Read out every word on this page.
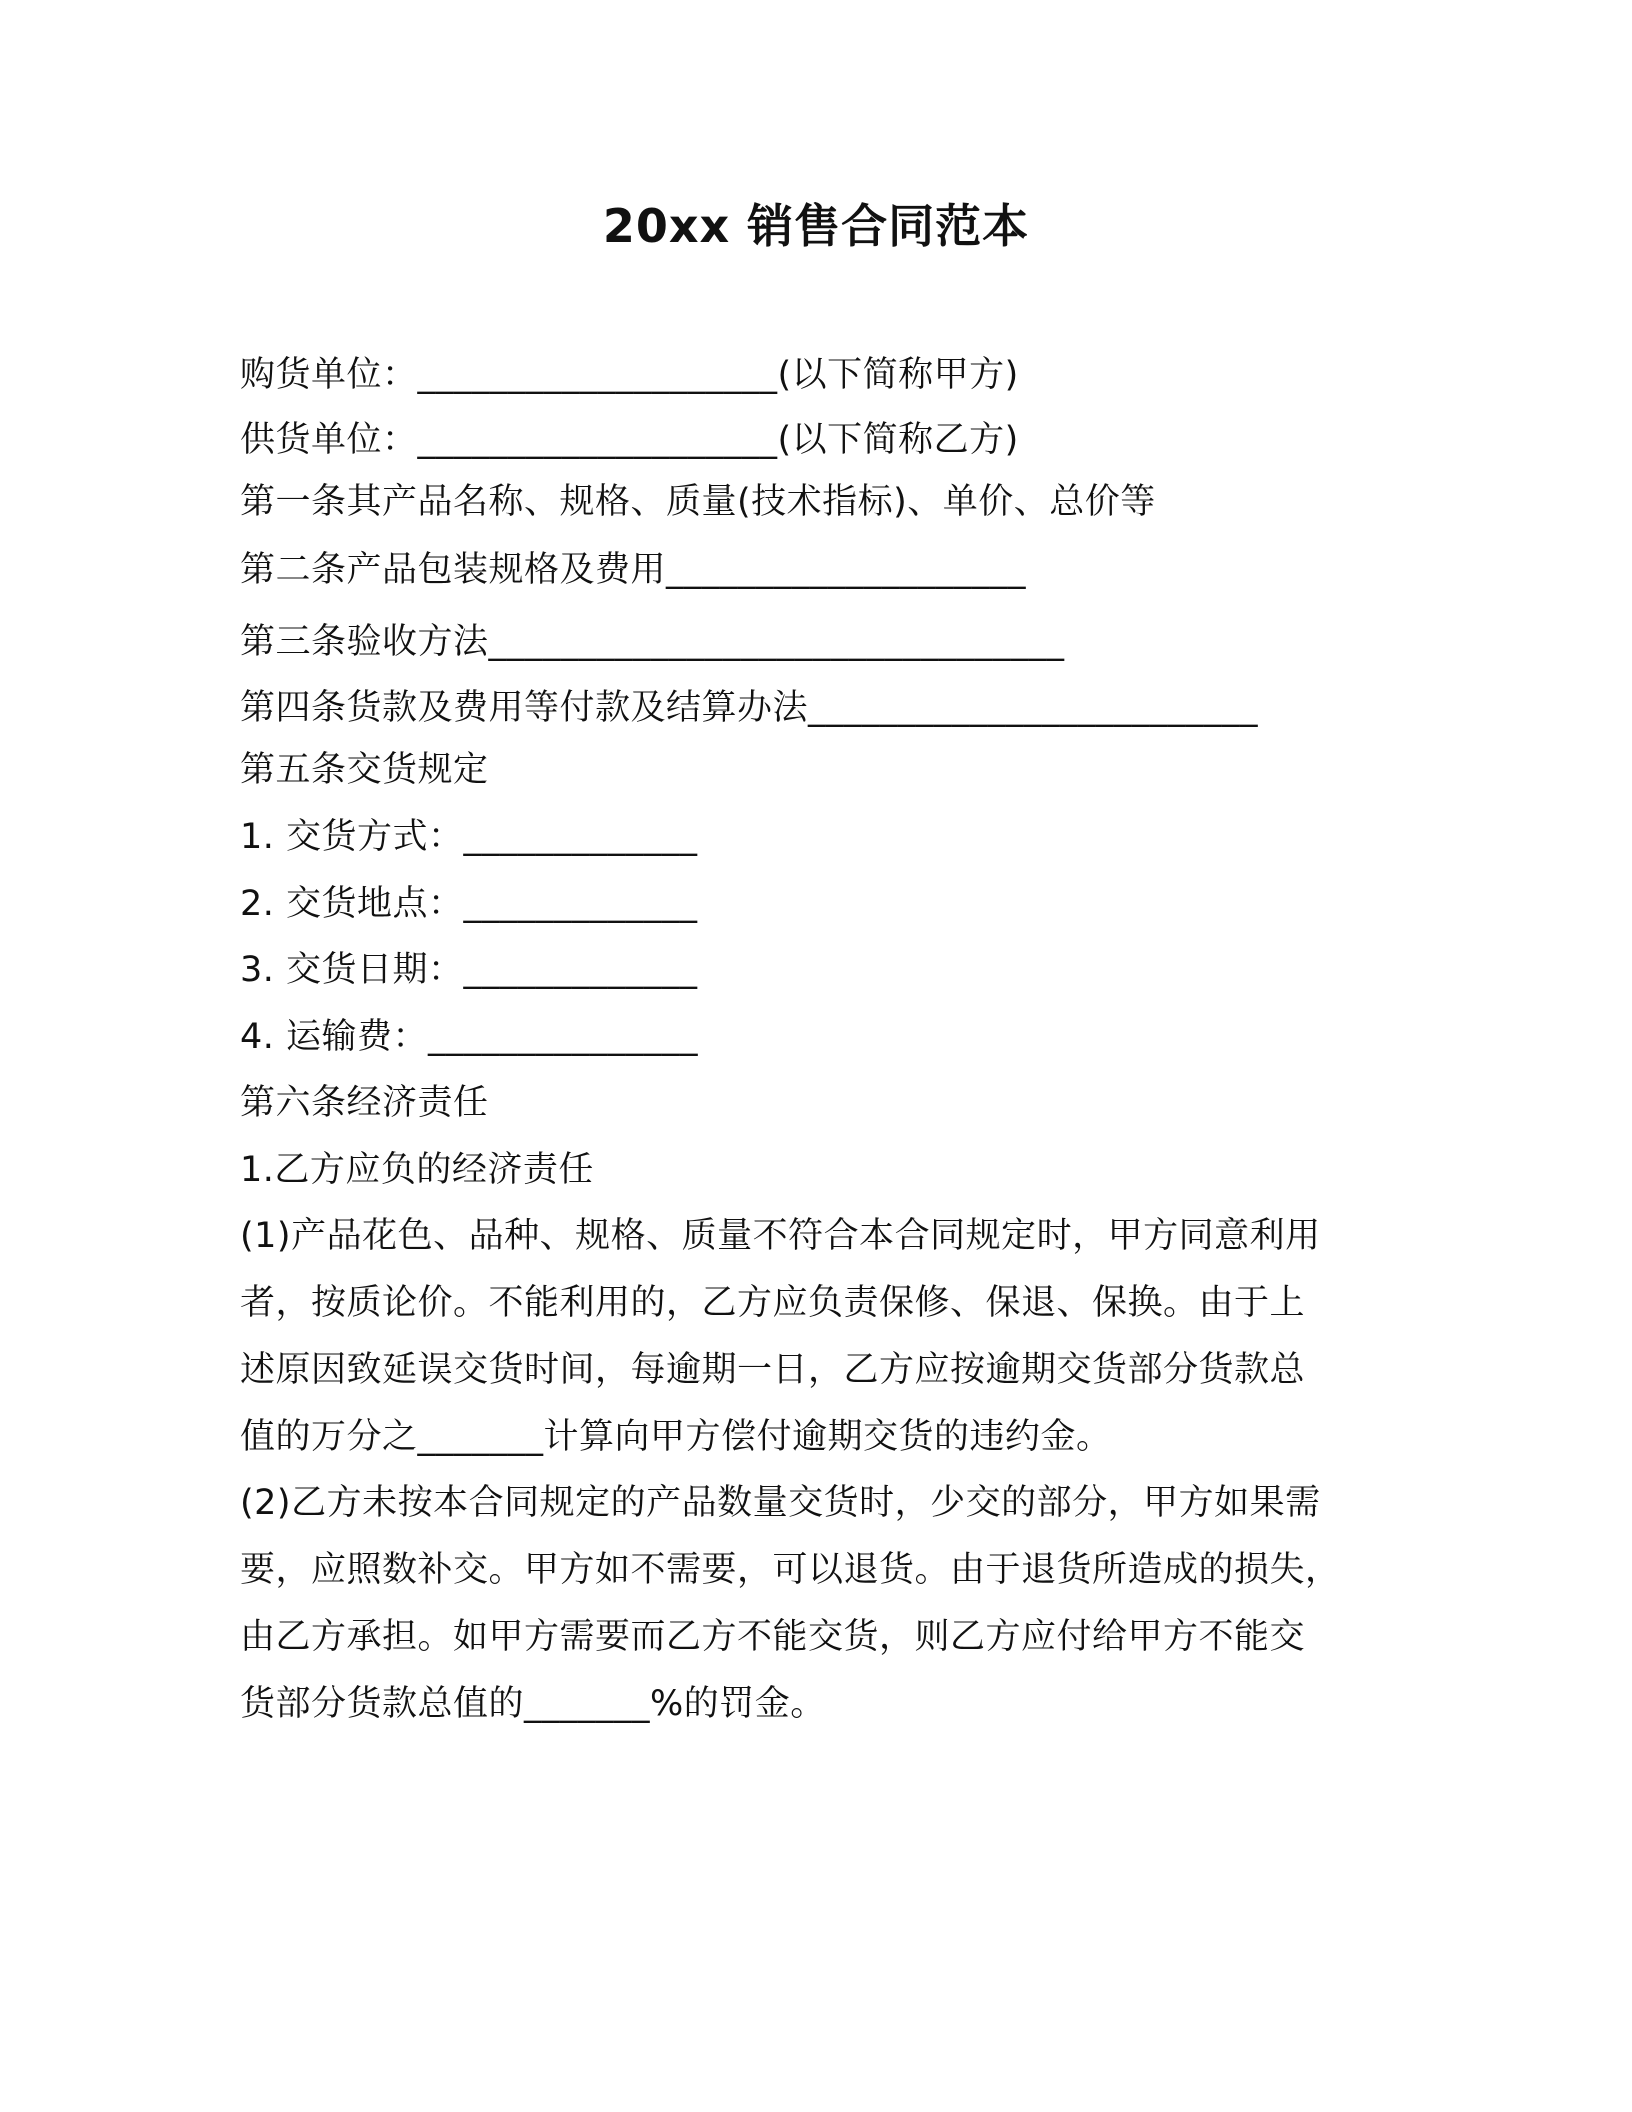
20xx 销售合同范本
购货单位：____________________(以下简称甲方)
供货单位：____________________(以下简称乙方)
第一条其产品名称、规格、质量(技术指标)、单价、总价等
第二条产品包装规格及费用____________________
第三条验收方法________________________________
第四条货款及费用等付款及结算办法_________________________
第五条交货规定
1. 交货方式：_____________
2. 交货地点：_____________
3. 交货日期：_____________
4. 运输费：_______________
第六条经济责任
1.乙方应负的经济责任
(1)产品花色、品种、规格、质量不符合本合同规定时，甲方同意利用
者，按质论价。不能利用的，乙方应负责保修、保退、保换。由于上
述原因致延误交货时间，每逾期一日，乙方应按逾期交货部分货款总
值的万分之_______计算向甲方偿付逾期交货的违约金。
(2)乙方未按本合同规定的产品数量交货时，少交的部分，甲方如果需
要，应照数补交。甲方如不需要，可以退货。由于退货所造成的损失，
由乙方承担。如甲方需要而乙方不能交货，则乙方应付给甲方不能交
货部分货款总值的_______%的罚金。
